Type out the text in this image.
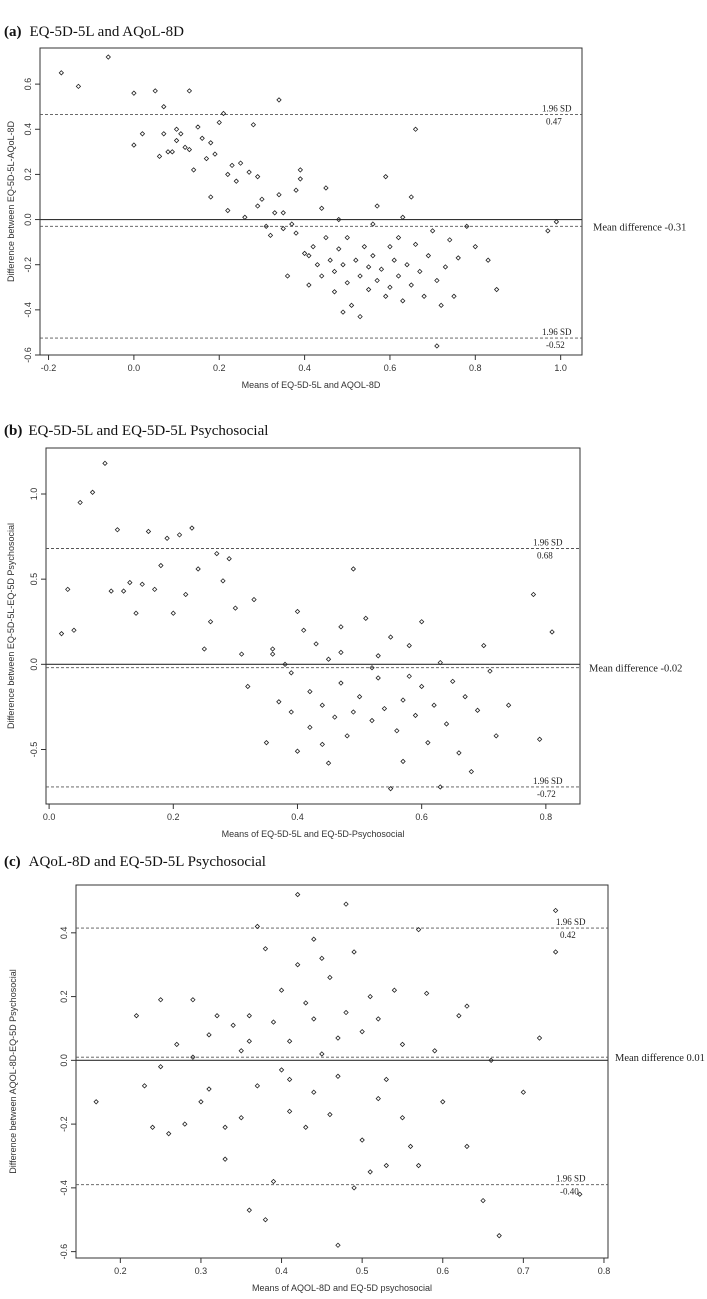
(a) EQ-5D-5L and AQoL-8D
-0.2	0.0	0.2	0.4	0.6	0.8	1.0
-0.6
-0.4
-0.2
0.0
0.2
0.4
0.6
Means of EQ-5D-5L and AQOL-8D
Difference between EQ-5D-5L-AQoL-8D
1.96 SD
0.47
1.96 SD
-0.52
Mean difference -0.31
(b) EQ-5D-5L and EQ-5D-5L Psychosocial
0.0	0.2	0.4	0.6	0.8
-0.5
0.0
0.5
1.0
Means of EQ-5D-5L and EQ-5D-Psychosocial
Difference between EQ-5D-5L-EQ-5D Psychosocial	1.96 SD
0.68
1.96 SD
-0.72
Mean difference -0.02
(c) AQoL-8D and EQ-5D-5L Psychosocial
0.2	0.3	0.4	0.5	0.6	0.7	0.8
-0.6
-0.4
-0.2
0.0
0.2
0.4
Means of AQOL-8D and EQ-5D psychosocial
Difference between AQOL-8D-EQ-5D Psychosocial
1.96 SD
0.42
1.96 SD
-0.40
Mean difference 0.01
